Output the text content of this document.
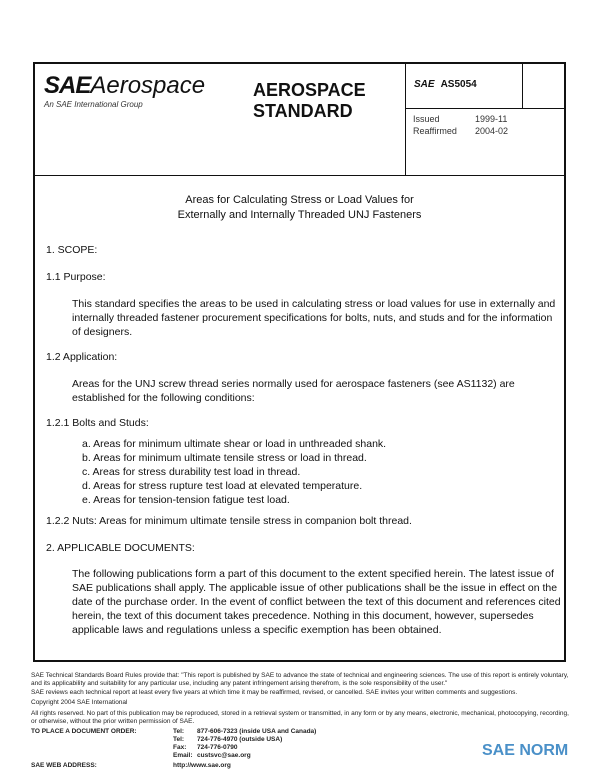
SAEAerospace
An SAE International Group
AEROSPACE
STANDARD
SAE AS5054
Issued	1999-11
Reaffirmed 2004-02
Areas for Calculating Stress or Load Values for
Externally and Internally Threaded UNJ Fasteners
1. SCOPE:
1.1 Purpose:
This standard specifies the areas to be used in calculating stress or load values for use in externally and internally threaded fastener procurement specifications for bolts, nuts, and studs and for the information of designers.
1.2 Application:
Areas for the UNJ screw thread series normally used for aerospace fasteners (see AS1132) are established for the following conditions:
1.2.1 Bolts and Studs:
a. Areas for minimum ultimate shear or load in unthreaded shank.
b. Areas for minimum ultimate tensile stress or load in thread.
c. Areas for stress durability test load in thread.
d. Areas for stress rupture test load at elevated temperature.
e. Areas for tension-tension fatigue test load.
1.2.2 Nuts: Areas for minimum ultimate tensile stress in companion bolt thread.
2. APPLICABLE DOCUMENTS:
The following publications form a part of this document to the extent specified herein. The latest issue of SAE publications shall apply. The applicable issue of other publications shall be the issue in effect on the date of the purchase order. In the event of conflict between the text of this document and references cited herein, the text of this document takes precedence. Nothing in this document, however, supersedes applicable laws and regulations unless a specific exemption has been obtained.
SAE Technical Standards Board Rules provide that: "This report is published by SAE to advance the state of technical and engineering sciences. The use of this report is entirely voluntary, and its applicability and suitability for any particular use, including any patent infringement arising therefrom, is the sole responsibility of the user."
SAE reviews each technical report at least every five years at which time it may be reaffirmed, revised, or cancelled. SAE invites your written comments and suggestions.
Copyright 2004 SAE International
All rights reserved. No part of this publication may be reproduced, stored in a retrieval system or transmitted, in any form or by any means, electronic, mechanical, photocopying, recording, or otherwise, without the prior written permission of SAE.
TO PLACE A DOCUMENT ORDER:	Tel: 877-606-7323 (inside USA and Canada)
Tel: 724-776-4970 (outside USA)
Fax: 724-776-0790
Email: custsvc@sae.org
SAE WEB ADDRESS:	http://www.sae.org
SAE NORM
